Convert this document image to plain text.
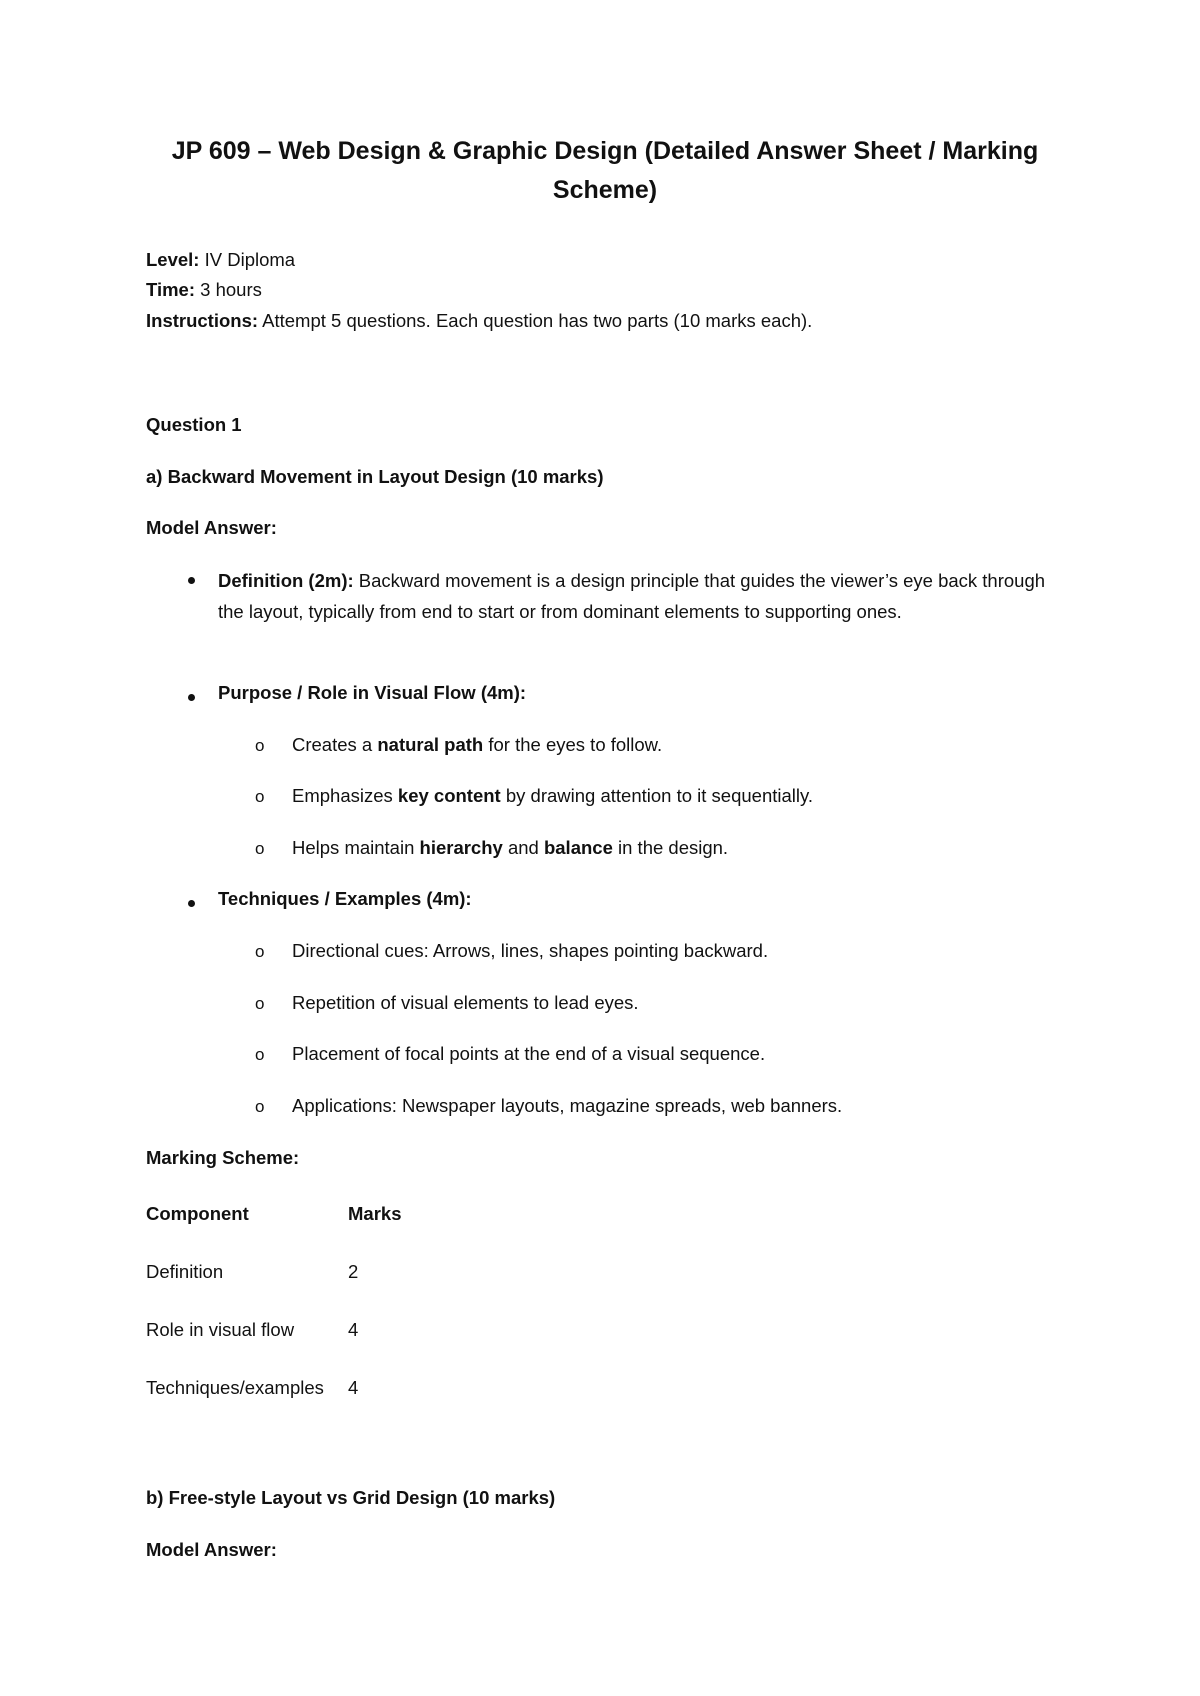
JP 609 – Web Design & Graphic Design (Detailed Answer Sheet / Marking
Scheme)
Level: IV Diploma
Time: 3 hours
Instructions: Attempt 5 questions. Each question has two parts (10 marks each).
Question 1
a) Backward Movement in Layout Design (10 marks)
Model Answer:
Definition (2m): Backward movement is a design principle that guides the viewer’s eye back through the layout, typically from end to start or from dominant elements to supporting ones.
Purpose / Role in Visual Flow (4m):
o Creates a natural path for the eyes to follow.
o Emphasizes key content by drawing attention to it sequentially.
o Helps maintain hierarchy and balance in the design.
Techniques / Examples (4m):
o Directional cues: Arrows, lines, shapes pointing backward.
o Repetition of visual elements to lead eyes.
o Placement of focal points at the end of a visual sequence.
o Applications: Newspaper layouts, magazine spreads, web banners.
Marking Scheme:
Component	Marks
Definition	2
Role in visual flow	4
Techniques/examples 4
b) Free-style Layout vs Grid Design (10 marks)
Model Answer:
